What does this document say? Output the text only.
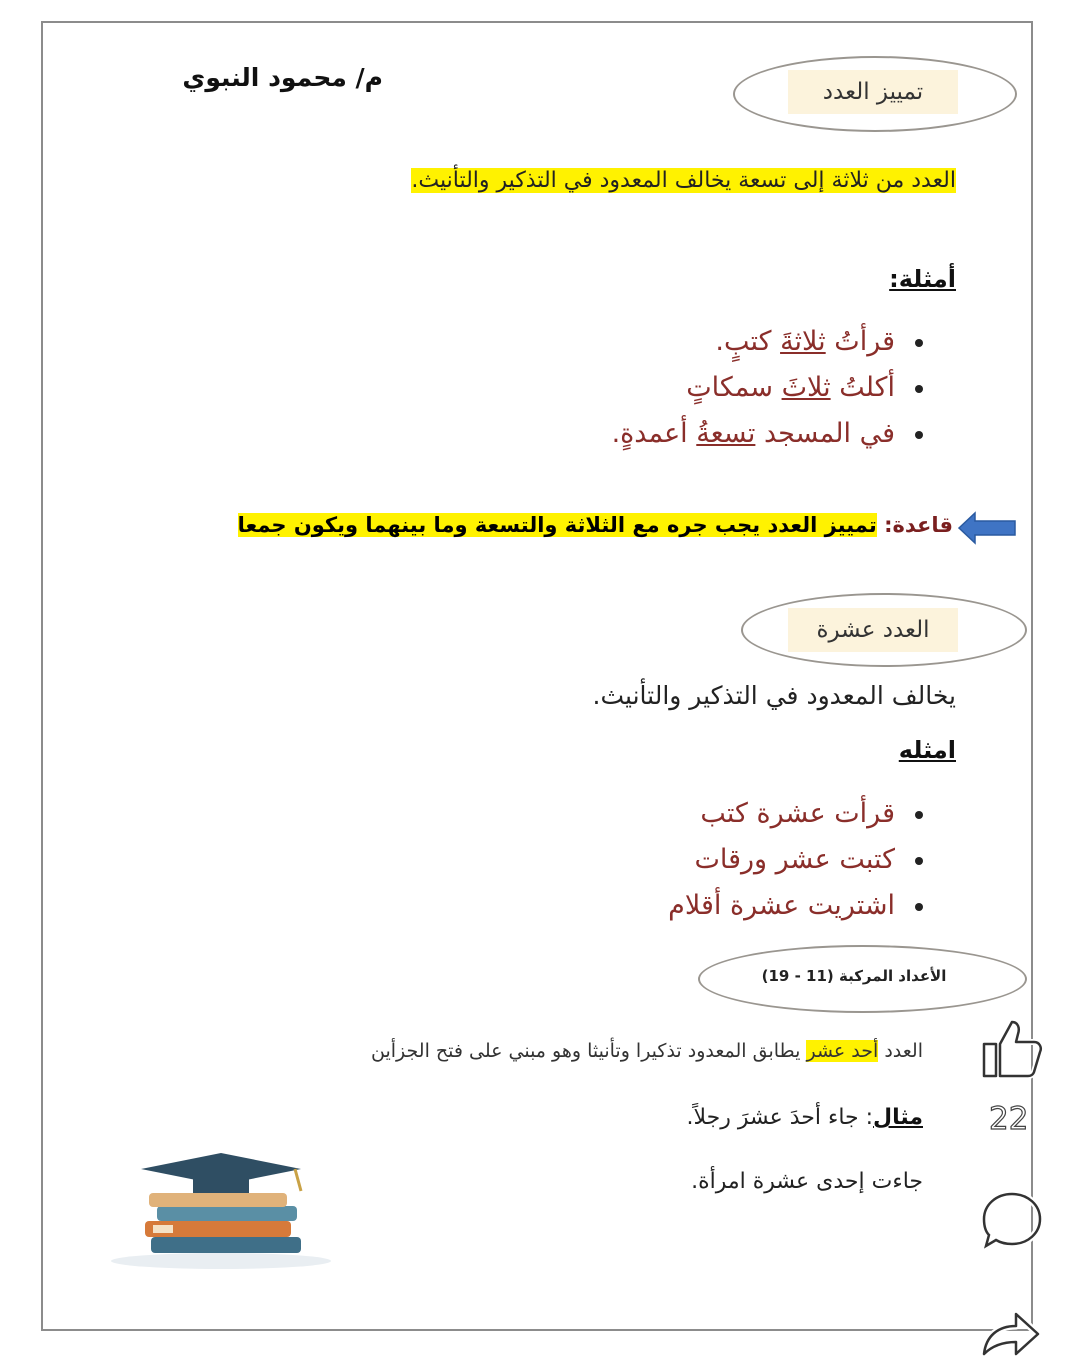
م/ محمود النبوي	تمييز العدد
العدد من ثلاثة إلى تسعة يخالف المعدود في التذكير والتأنيث.
أمثلة:
قرأتُ ثلاثةَ كتبٍ.
أكلتُ ثلاثَ سمكاتٍ
في المسجد تسعةُ أعمدةٍ.
قاعدة: تمييز العدد يجب جره مع الثلاثة والتسعة وما بينهما ويكون جمعا
العدد عشرة
يخالف المعدود في التذكير والتأنيث.
امثله
قرأت عشرة كتب
كتبت عشر ورقات
اشتريت عشرة أقلام
الأعداد المركبة (11 - 19)
العدد أحد عشر يطابق المعدود تذكيرا وتأنيثا وهو مبني على فتح الجزأين
مثال: جاء أحدَ عشرَ رجلاً.
جاءت إحدى عشرة امرأة.
22
